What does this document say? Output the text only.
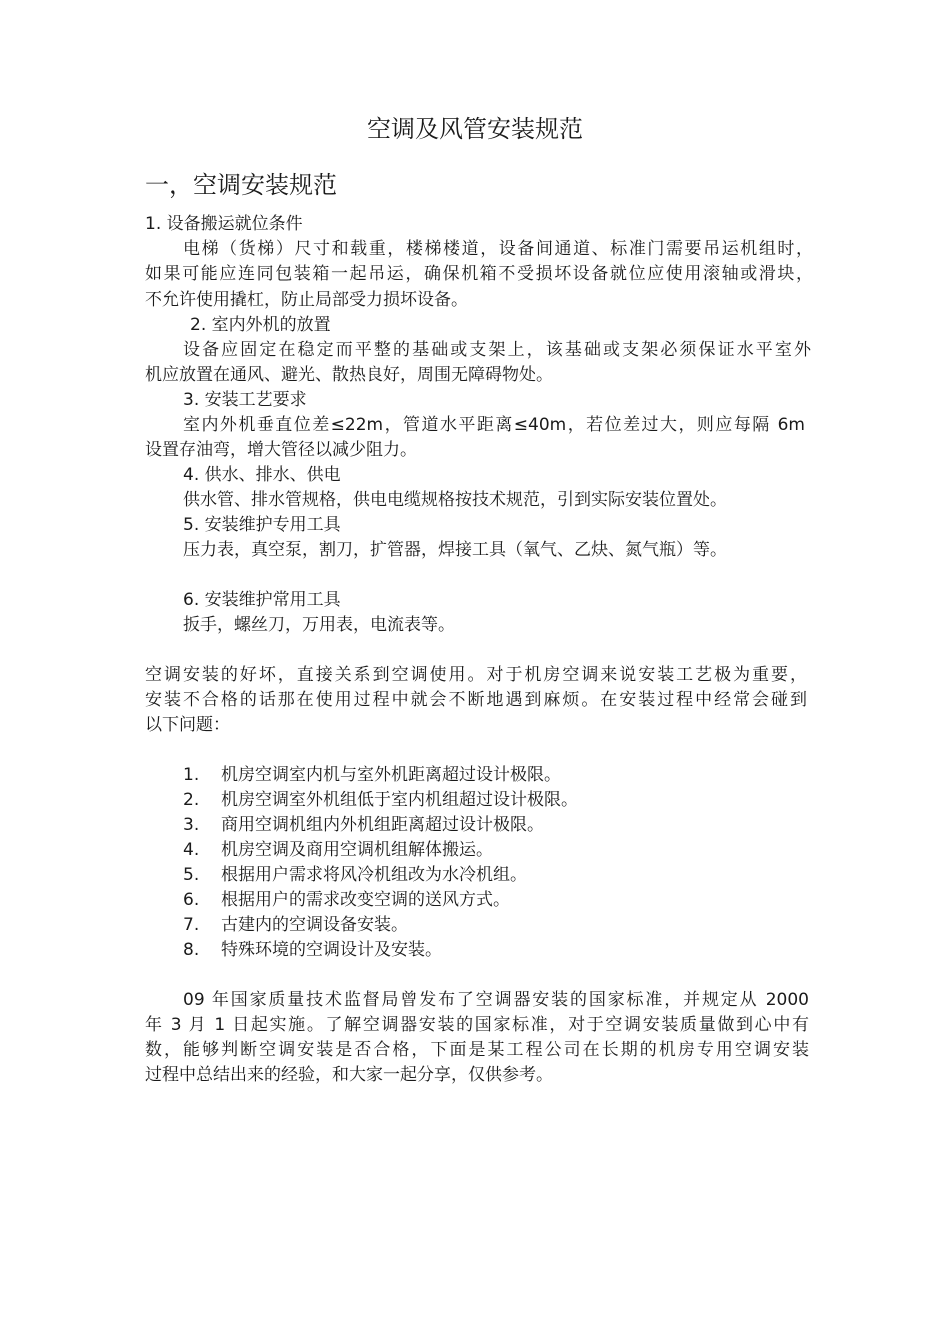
空调及风管安装规范
一，空调安装规范
1. 设备搬运就位条件
电梯（货梯）尺寸和载重，楼梯楼道，设备间通道、标准门需要吊运机组时，
如果可能应连同包装箱一起吊运，确保机箱不受损坏设备就位应使用滚轴或滑块，
不允许使用撬杠，防止局部受力损坏设备。
2. 室内外机的放置
设备应固定在稳定而平整的基础或支架上，该基础或支架必须保证水平室外
机应放置在通风、避光、散热良好，周围无障碍物处。
3. 安装工艺要求
室内外机垂直位差≤22m，管道水平距离≤40m，若位差过大，则应每隔 6m
设置存油弯，增大管径以减少阻力。
4. 供水、排水、供电
供水管、排水管规格，供电电缆规格按技术规范，引到实际安装位置处。
5. 安装维护专用工具
压力表，真空泵，割刀，扩管器，焊接工具（氧气、乙炔、氮气瓶）等。
6. 安装维护常用工具
扳手，螺丝刀，万用表，电流表等。
空调安装的好坏，直接关系到空调使用。对于机房空调来说安装工艺极为重要，
安装不合格的话那在使用过程中就会不断地遇到麻烦。在安装过程中经常会碰到
以下问题：
1. 机房空调室内机与室外机距离超过设计极限。
2. 机房空调室外机组低于室内机组超过设计极限。
3. 商用空调机组内外机组距离超过设计极限。
4. 机房空调及商用空调机组解体搬运。
5. 根据用户需求将风冷机组改为水冷机组。
6. 根据用户的需求改变空调的送风方式。
7. 古建内的空调设备安装。
8. 特殊环境的空调设计及安装。
09 年国家质量技术监督局曾发布了空调器安装的国家标准，并规定从 2000
年 3 月 1 日起实施。了解空调器安装的国家标准，对于空调安装质量做到心中有
数，能够判断空调安装是否合格，下面是某工程公司在长期的机房专用空调安装
过程中总结出来的经验，和大家一起分享，仅供参考。
